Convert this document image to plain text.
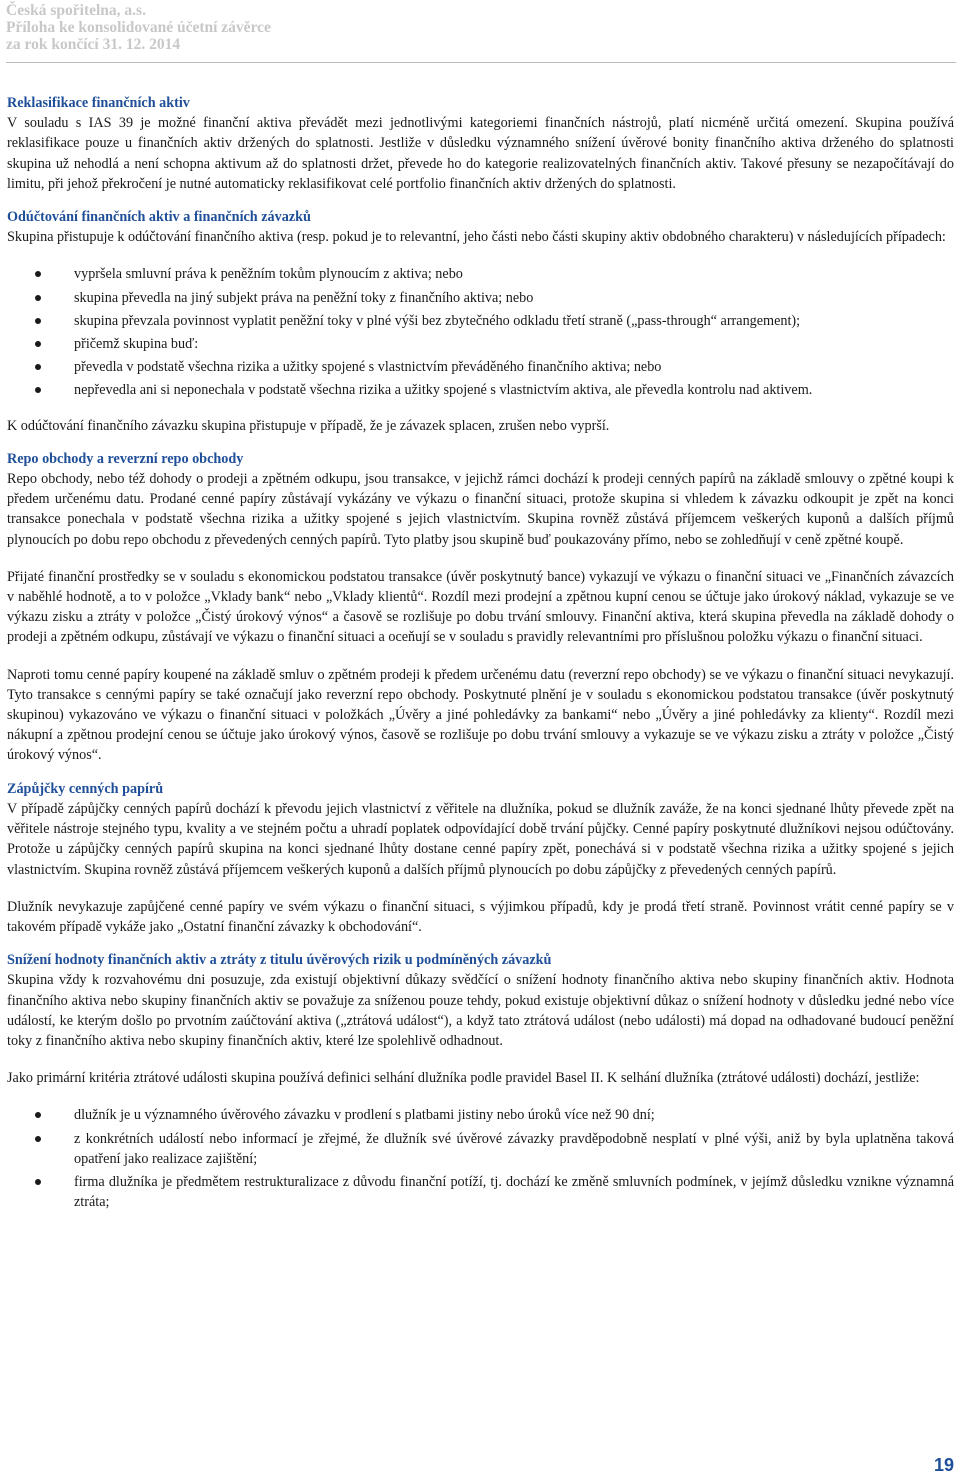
Česká spořitelna, a.s.
Příloha ke konsolidované účetní závěrce
za rok končící 31. 12. 2014

Reklasifikace finančních aktiv

V souladu s IAS 39 je možné finanční aktiva převádět mezi jednotlivými kategoriemi finančních nástrojů, platí nicméně určitá omezení. Skupina používá reklasifikace pouze u finančních aktiv držených do splatnosti. Jestliže v důsledku významného snížení úvěrové bonity finančního aktiva drženého do splatnosti skupina už nehodlá a není schopna aktivum až do splatnosti držet, převede ho do kategorie realizovatelných finančních aktiv. Takové přesuny se nezapočítávají do limitu, při jehož překročení je nutné automaticky reklasifikovat celé portfolio finančních aktiv držených do splatnosti.

Odúčtování finančních aktiv a finančních závazků

Skupina přistupuje k odúčtování finančního aktiva (resp. pokud je to relevantní, jeho části nebo části skupiny aktiv obdobného charakteru) v následujících případech:

vypršela smluvní práva k peněžním tokům plynoucím z aktiva; nebo
skupina převedla na jiný subjekt práva na peněžní toky z finančního aktiva; nebo
skupina převzala povinnost vyplatit peněžní toky v plné výši bez zbytečného odkladu třetí straně („pass-through“ arrangement);
přičemž skupina buď:
převedla v podstatě všechna rizika a užitky spojené s vlastnictvím převáděného finančního aktiva; nebo
nepřevedla ani si neponechala v podstatě všechna rizika a užitky spojené s vlastnictvím aktiva, ale převedla kontrolu nad aktivem.

K odúčtování finančního závazku skupina přistupuje v případě, že je závazek splacen, zrušen nebo vyprší.

Repo obchody a reverzní repo obchody

Repo obchody, nebo též dohody o prodeji a zpětném odkupu, jsou transakce, v jejichž rámci dochází k prodeji cenných papírů na základě smlouvy o zpětné koupi k předem určenému datu. Prodané cenné papíry zůstávají vykázány ve výkazu o finanční situaci, protože skupina si vhledem k závazku odkoupit je zpět na konci transakce ponechala v podstatě všechna rizika a užitky spojené s jejich vlastnictvím. Skupina rovněž zůstává příjemcem veškerých kuponů a dalších příjmů plynoucích po dobu repo obchodu z převedených cenných papírů. Tyto platby jsou skupině buď poukazovány přímo, nebo se zohledňují v ceně zpětné koupě.

Přijaté finanční prostředky se v souladu s ekonomickou podstatou transakce (úvěr poskytnutý bance) vykazují ve výkazu o finanční situaci ve „Finančních závazcích v naběhlé hodnotě, a to v položce „Vklady bank“ nebo „Vklady klientů“. Rozdíl mezi prodejní a zpětnou kupní cenou se účtuje jako úrokový náklad, vykazuje se ve výkazu zisku a ztráty v položce „Čistý úrokový výnos“ a časově se rozlišuje po dobu trvání smlouvy. Finanční aktiva, která skupina převedla na základě dohody o prodeji a zpětném odkupu, zůstávají ve výkazu o finanční situaci a oceňují se v souladu s pravidly relevantními pro příslušnou položku výkazu o finanční situaci.

Naproti tomu cenné papíry koupené na základě smluv o zpětném prodeji k předem určenému datu (reverzní repo obchody) se ve výkazu o finanční situaci nevykazují. Tyto transakce s cennými papíry se také označují jako reverzní repo obchody. Poskytnuté plnění je v souladu s ekonomickou podstatou transakce (úvěr poskytnutý skupinou) vykazováno ve výkazu o finanční situaci v položkách „Úvěry a jiné pohledávky za bankami“ nebo „Úvěry a jiné pohledávky za klienty“. Rozdíl mezi nákupní a zpětnou prodejní cenou se účtuje jako úrokový výnos, časově se rozlišuje po dobu trvání smlouvy a vykazuje se ve výkazu zisku a ztráty v položce „Čistý úrokový výnos“.

Zápůjčky cenných papírů

V případě zápůjčky cenných papírů dochází k převodu jejich vlastnictví z věřitele na dlužníka, pokud se dlužník zaváže, že na konci sjednané lhůty převede zpět na věřitele nástroje stejného typu, kvality a ve stejném počtu a uhradí poplatek odpovídající době trvání půjčky. Cenné papíry poskytnuté dlužníkovi nejsou odúčtovány. Protože u zápůjčky cenných papírů skupina na konci sjednané lhůty dostane cenné papíry zpět, ponechává si v podstatě všechna rizika a užitky spojené s jejich vlastnictvím. Skupina rovněž zůstává příjemcem veškerých kuponů a dalších příjmů plynoucích po dobu zápůjčky z převedených cenných papírů.

Dlužník nevykazuje zapůjčené cenné papíry ve svém výkazu o finanční situaci, s výjimkou případů, kdy je prodá třetí straně. Povinnost vrátit cenné papíry se v takovém případě vykáže jako „Ostatní finanční závazky k obchodování“.

Snížení hodnoty finančních aktiv a ztráty z titulu úvěrových rizik u podmíněných závazků

Skupina vždy k rozvahovému dni posuzuje, zda existují objektivní důkazy svědčící o snížení hodnoty finančního aktiva nebo skupiny finančních aktiv. Hodnota finančního aktiva nebo skupiny finančních aktiv se považuje za sníženou pouze tehdy, pokud existuje objektivní důkaz o snížení hodnoty v důsledku jedné nebo více událostí, ke kterým došlo po prvotním zaúčtování aktiva („ztrátová událost“), a když tato ztrátová událost (nebo události) má dopad na odhadované budoucí peněžní toky z finančního aktiva nebo skupiny finančních aktiv, které lze spolehlivě odhadnout.

Jako primární kritéria ztrátové události skupina používá definici selhání dlužníka podle pravidel Basel II. K selhání dlužníka (ztrátové události) dochází, jestliže:

dlužník je u významného úvěrového závazku v prodlení s platbami jistiny nebo úroků více než 90 dní;
z konkrétních událostí nebo informací je zřejmé, že dlužník své úvěrové závazky pravděpodobně nesplatí v plné výši, aniž by byla uplatněna taková opatření jako realizace zajištění;
firma dlužníka je předmětem restrukturalizace z důvodu finanční potíží, tj. dochází ke změně smluvních podmínek, v jejímž důsledku vznikne významná ztráta;
19
